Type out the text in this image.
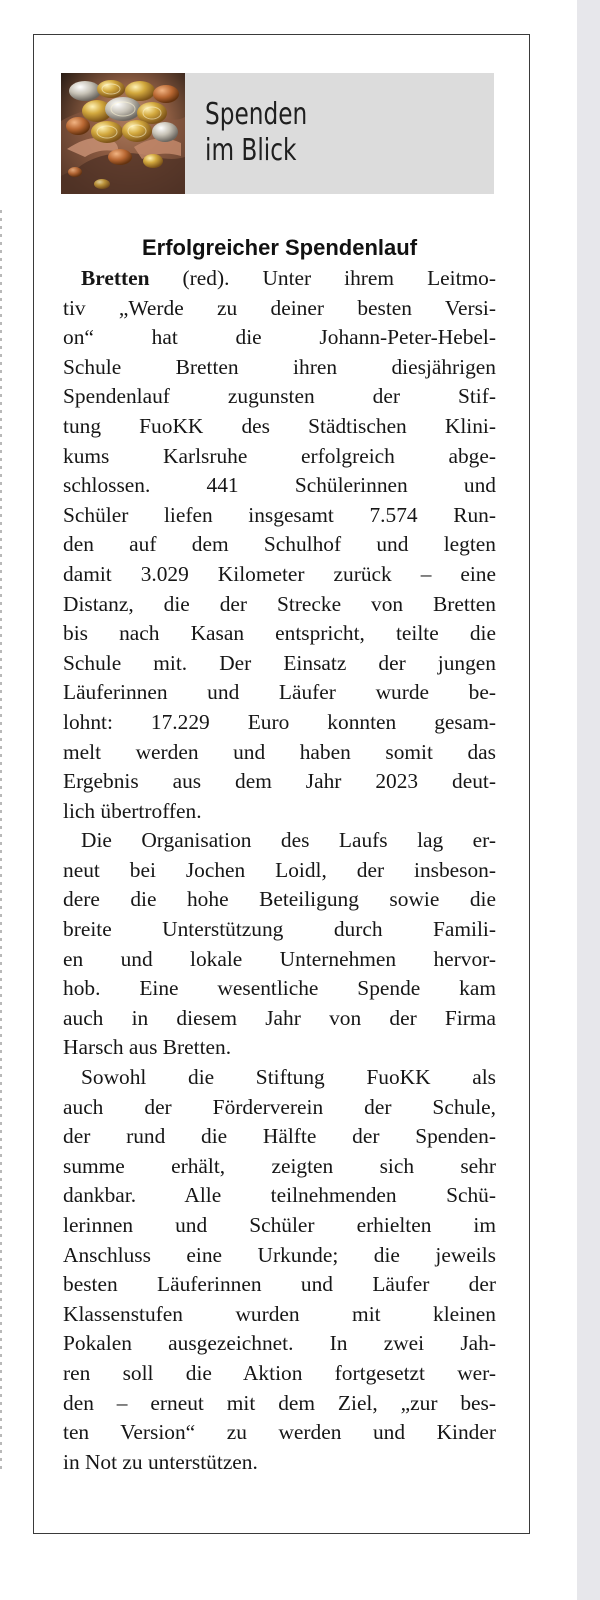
Spenden
im Blick
Erfolgreicher Spendenlauf
Bretten (red). Unter ihrem Leitmo-
tiv „Werde zu deiner besten Versi-
on“ hat die Johann-Peter-Hebel-
Schule Bretten ihren diesjährigen
Spendenlauf zugunsten der Stif-
tung FuoKK des Städtischen Klini-
kums Karlsruhe erfolgreich abge-
schlossen. 441 Schülerinnen und
Schüler liefen insgesamt 7.574 Run-
den auf dem Schulhof und legten
damit 3.029 Kilometer zurück – eine
Distanz, die der Strecke von Bretten
bis nach Kasan entspricht, teilte die
Schule mit. Der Einsatz der jungen
Läuferinnen und Läufer wurde be-
lohnt: 17.229 Euro konnten gesam-
melt werden und haben somit das
Ergebnis aus dem Jahr 2023 deut-
lich übertroffen.
Die Organisation des Laufs lag er-
neut bei Jochen Loidl, der insbeson-
dere die hohe Beteiligung sowie die
breite Unterstützung durch Famili-
en und lokale Unternehmen hervor-
hob. Eine wesentliche Spende kam
auch in diesem Jahr von der Firma
Harsch aus Bretten.
Sowohl die Stiftung FuoKK als
auch der Förderverein der Schule,
der rund die Hälfte der Spenden-
summe erhält, zeigten sich sehr
dankbar. Alle teilnehmenden Schü-
lerinnen und Schüler erhielten im
Anschluss eine Urkunde; die jeweils
besten Läuferinnen und Läufer der
Klassenstufen wurden mit kleinen
Pokalen ausgezeichnet. In zwei Jah-
ren soll die Aktion fortgesetzt wer-
den – erneut mit dem Ziel, „zur bes-
ten Version“ zu werden und Kinder
in Not zu unterstützen.
